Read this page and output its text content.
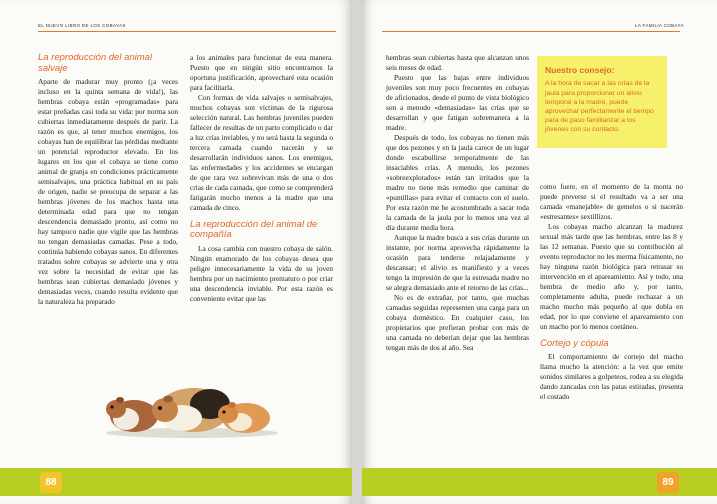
EL NUEVO LIBRO DE LOS COBAYAS
La reproducción del animal salvaje

Aparte de madurar muy pronto (¡a veces incluso en la quinta semana de vida!), las hembras cobaya están «programadas» para estar preñadas casi toda su vida: por norma son cubiertas inmediatamente después de parir. La razón es que, al tener muchos enemigos, los cobayas han de equilibrar las pérdidas mediante un potencial reproductor elevado. En los lugares en los que el cobaya se tiene como animal de granja en condiciones prácticamente semisalvajes, una práctica habitual en su país de origen, nadie se preocupa de separar a las hembras jóvenes de los machos hasta una determinada edad para que no tengan descendencia demasiado pronto, así como no hay tampoco nadie que vigile que las hembras no tengan demasiadas camadas. Pese a todo, continúa habiendo cobayas sanos. En diferentes tratados sobre cobayas se advierte una y otra vez sobre la necesidad de evitar que las hembras sean cubiertas demasiado jóvenes y demasiadas veces, cuando resulta evidente que la naturaleza ha preparado

a los animales para funcionar de esta manera. Puesto que en ningún sitio encontramos la oportuna justificación, aprovecharé esta ocasión para facilitarla.

Con formas de vida salvajes o semisalvajes, muchos cobayas son víctimas de la rigurosa selección natural. Las hembras juveniles pueden fallecer de resultas de un parto complicado o dar a luz crías inviables, y no será hasta la segunda o tercera camada cuando nacerán y se desarrollarán individuos sanos. Los enemigos, las enfermedades y los accidentes se encargan de que rara vez sobrevivan más de una o dos crías de cada camada, que como se comprenderá fatigarán mucho menos a la madre que una camada de cinco.

La reproducción del animal de compañía

La cosa cambia con nuestro cobaya de salón. Ningún enamorado de los cobayas desea que peligre innecesariamente la vida de su joven hembra por un nacimiento prematuro o por criar una descendencia inviable. Por esta razón es conveniente evitar que las

88
LA FAMILIA COBAYA

hembras sean cubiertas hasta que alcanzan unos seis meses de edad.

Puesto que las bajas entre individuos juveniles son muy poco frecuentes en cobayas de aficionados, desde el punto de vista biológico son a menudo «demasiadas» las crías que se desarrollan y que fatigan sobremanera a la madre.

Después de todo, los cobayas no tienen más que dos pezones y en la jaula carece de un lugar donde escabullirse temporalmente de las insaciables crías. A menudo, los pezones «sobreexplotados» están tan irritados que la madre no tiene más remedio que caminar de «puntillas» para evitar el contacto con el suelo. Por esta razón me he acostumbrado a sacar toda la camada de la jaula por lo menos una vez al día durante media hora.

Aunque la madre busca a sus crías durante un instante, por norma aprovecha rápidamente la ocasión para tenderse relajadamente y descansar; el alivio es manifiesto y a veces tengo la impresión de que la estresada madre no se alegra demasiado ante el retorno de las crías...

No es de extrañar, por tanto, que muchas camadas seguidas representen una carga para un cobaya doméstico. En cualquier caso, los propietarios que prefieran probar con más de una camada no deberían dejar que las hembras tengan más de dos al año. Sea

Nuestro consejo:
A la hora de sacar a las crías de la jaula para proporcionar un alivio temporal a la madre, puede aprovechar perfectamente el tiempo para de paso familiarizar a los jóvenes con su contacto.

como fuere, en el momento de la monta no puede preverse si el resultado va a ser una camada «manejable» de gemelos o si nacerán «estresantes» sextillizos.

Los cobayas macho alcanzan la madurez sexual más tarde que las hembras, entre las 8 y las 12 semanas. Puesto que su contribución al evento reproductor no les merma físicamente, no hay ninguna razón biológica para retrasar su intervención en el apareamiento. Así y todo, una hembra de medio año y, por tanto, completamente adulta, puede rechazar a un macho mucho más pequeño al que dobla en edad, por lo que conviene el apareamiento con un macho por lo menos coetáneo.

Cortejo y cópula

El comportamiento de cortejo del macho llama mucho la atención: a la vez que emite sonidos similares a golpeteos, rodea a su elegida dando zancadas con las patas estiradas, presenta el costado

89
